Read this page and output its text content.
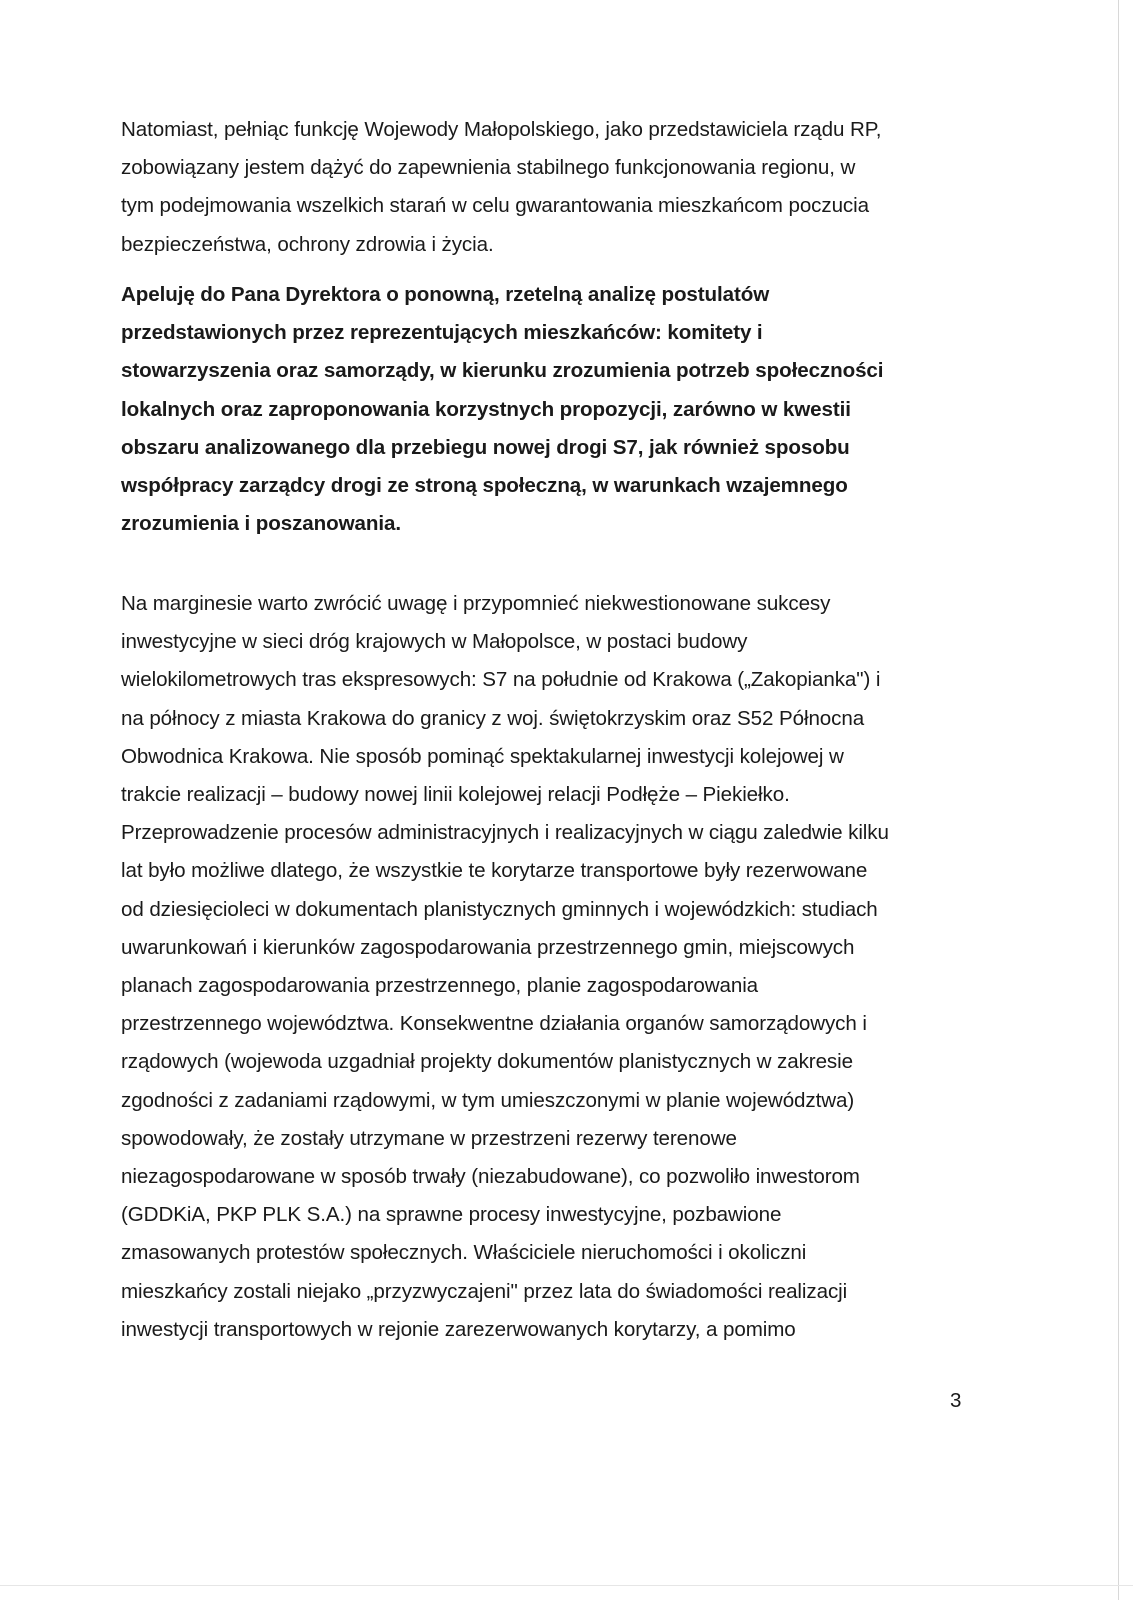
Natomiast, pełniąc funkcję Wojewody Małopolskiego, jako przedstawiciela rządu RP,
zobowiązany jestem dążyć do zapewnienia stabilnego funkcjonowania regionu, w
tym podejmowania wszelkich starań w celu gwarantowania mieszkańcom poczucia
bezpieczeństwa, ochrony zdrowia i życia.

Apeluję do Pana Dyrektora o ponowną, rzetelną analizę postulatów
przedstawionych przez reprezentujących mieszkańców: komitety i
stowarzyszenia oraz samorządy, w kierunku zrozumienia potrzeb społeczności
lokalnych oraz zaproponowania korzystnych propozycji, zarówno w kwestii
obszaru analizowanego dla przebiegu nowej drogi S7, jak również sposobu
współpracy zarządcy drogi ze stroną społeczną, w warunkach wzajemnego
zrozumienia i poszanowania.

Na marginesie warto zwrócić uwagę i przypomnieć niekwestionowane sukcesy
inwestycyjne w sieci dróg krajowych w Małopolsce, w postaci budowy
wielokilometrowych tras ekspresowych: S7 na południe od Krakowa („Zakopianka") i
na północy z miasta Krakowa do granicy z woj. świętokrzyskim oraz S52 Północna
Obwodnica Krakowa. Nie sposób pominąć spektakularnej inwestycji kolejowej w
trakcie realizacji – budowy nowej linii kolejowej relacji Podłęże – Piekiełko.
Przeprowadzenie procesów administracyjnych i realizacyjnych w ciągu zaledwie kilku
lat było możliwe dlatego, że wszystkie te korytarze transportowe były rezerwowane
od dziesięcioleci w dokumentach planistycznych gminnych i wojewódzkich: studiach
uwarunkowań i kierunków zagospodarowania przestrzennego gmin, miejscowych
planach zagospodarowania przestrzennego, planie zagospodarowania
przestrzennego województwa. Konsekwentne działania organów samorządowych i
rządowych (wojewoda uzgadniał projekty dokumentów planistycznych w zakresie
zgodności z zadaniami rządowymi, w tym umieszczonymi w planie województwa)
spowodowały, że zostały utrzymane w przestrzeni rezerwy terenowe
niezagospodarowane w sposób trwały (niezabudowane), co pozwoliło inwestorom
(GDDKiA, PKP PLK S.A.) na sprawne procesy inwestycyjne, pozbawione
zmasowanych protestów społecznych. Właściciele nieruchomości i okoliczni
mieszkańcy zostali niejako „przyzwyczajeni" przez lata do świadomości realizacji
inwestycji transportowych w rejonie zarezerwowanych korytarzy, a pomimo

3
